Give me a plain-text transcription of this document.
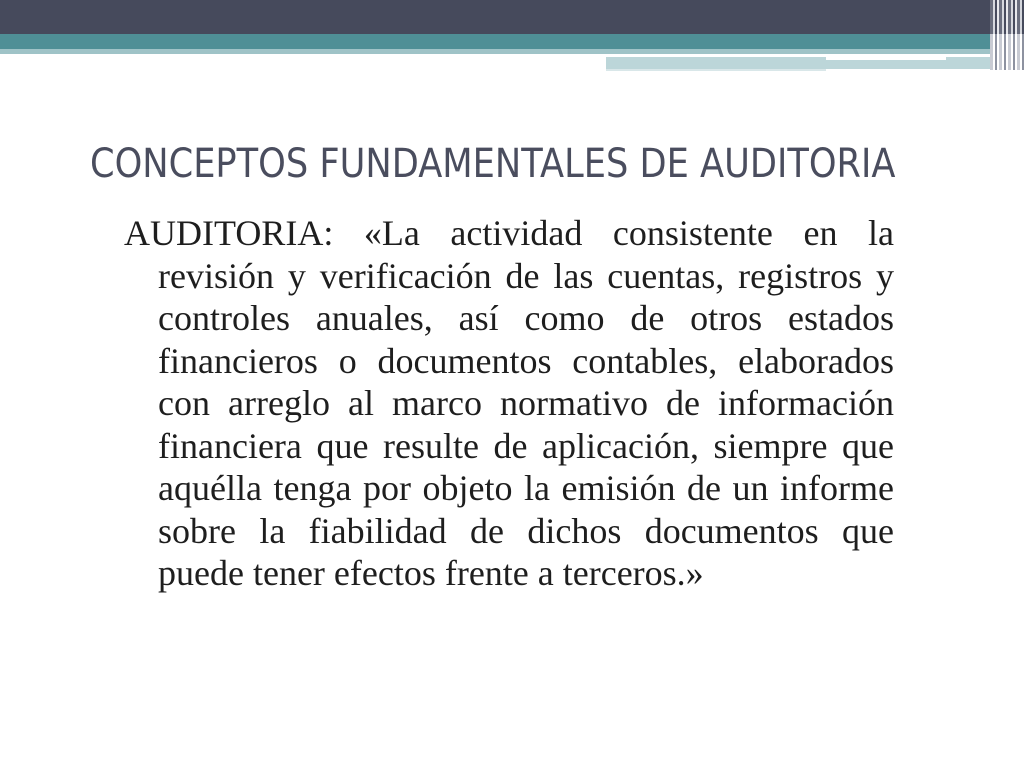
CONCEPTOS FUNDAMENTALES DE AUDITORIA

AUDITORIA: «La actividad consistente en la revisión y verificación de las cuentas, registros y controles anuales, así como de otros estados financieros o documentos contables, elaborados con arreglo al marco normativo de información financiera que resulte de aplicación, siempre que aquélla tenga por objeto la emisión de un informe sobre la fiabilidad de dichos documentos que puede tener efectos frente a terceros.»
